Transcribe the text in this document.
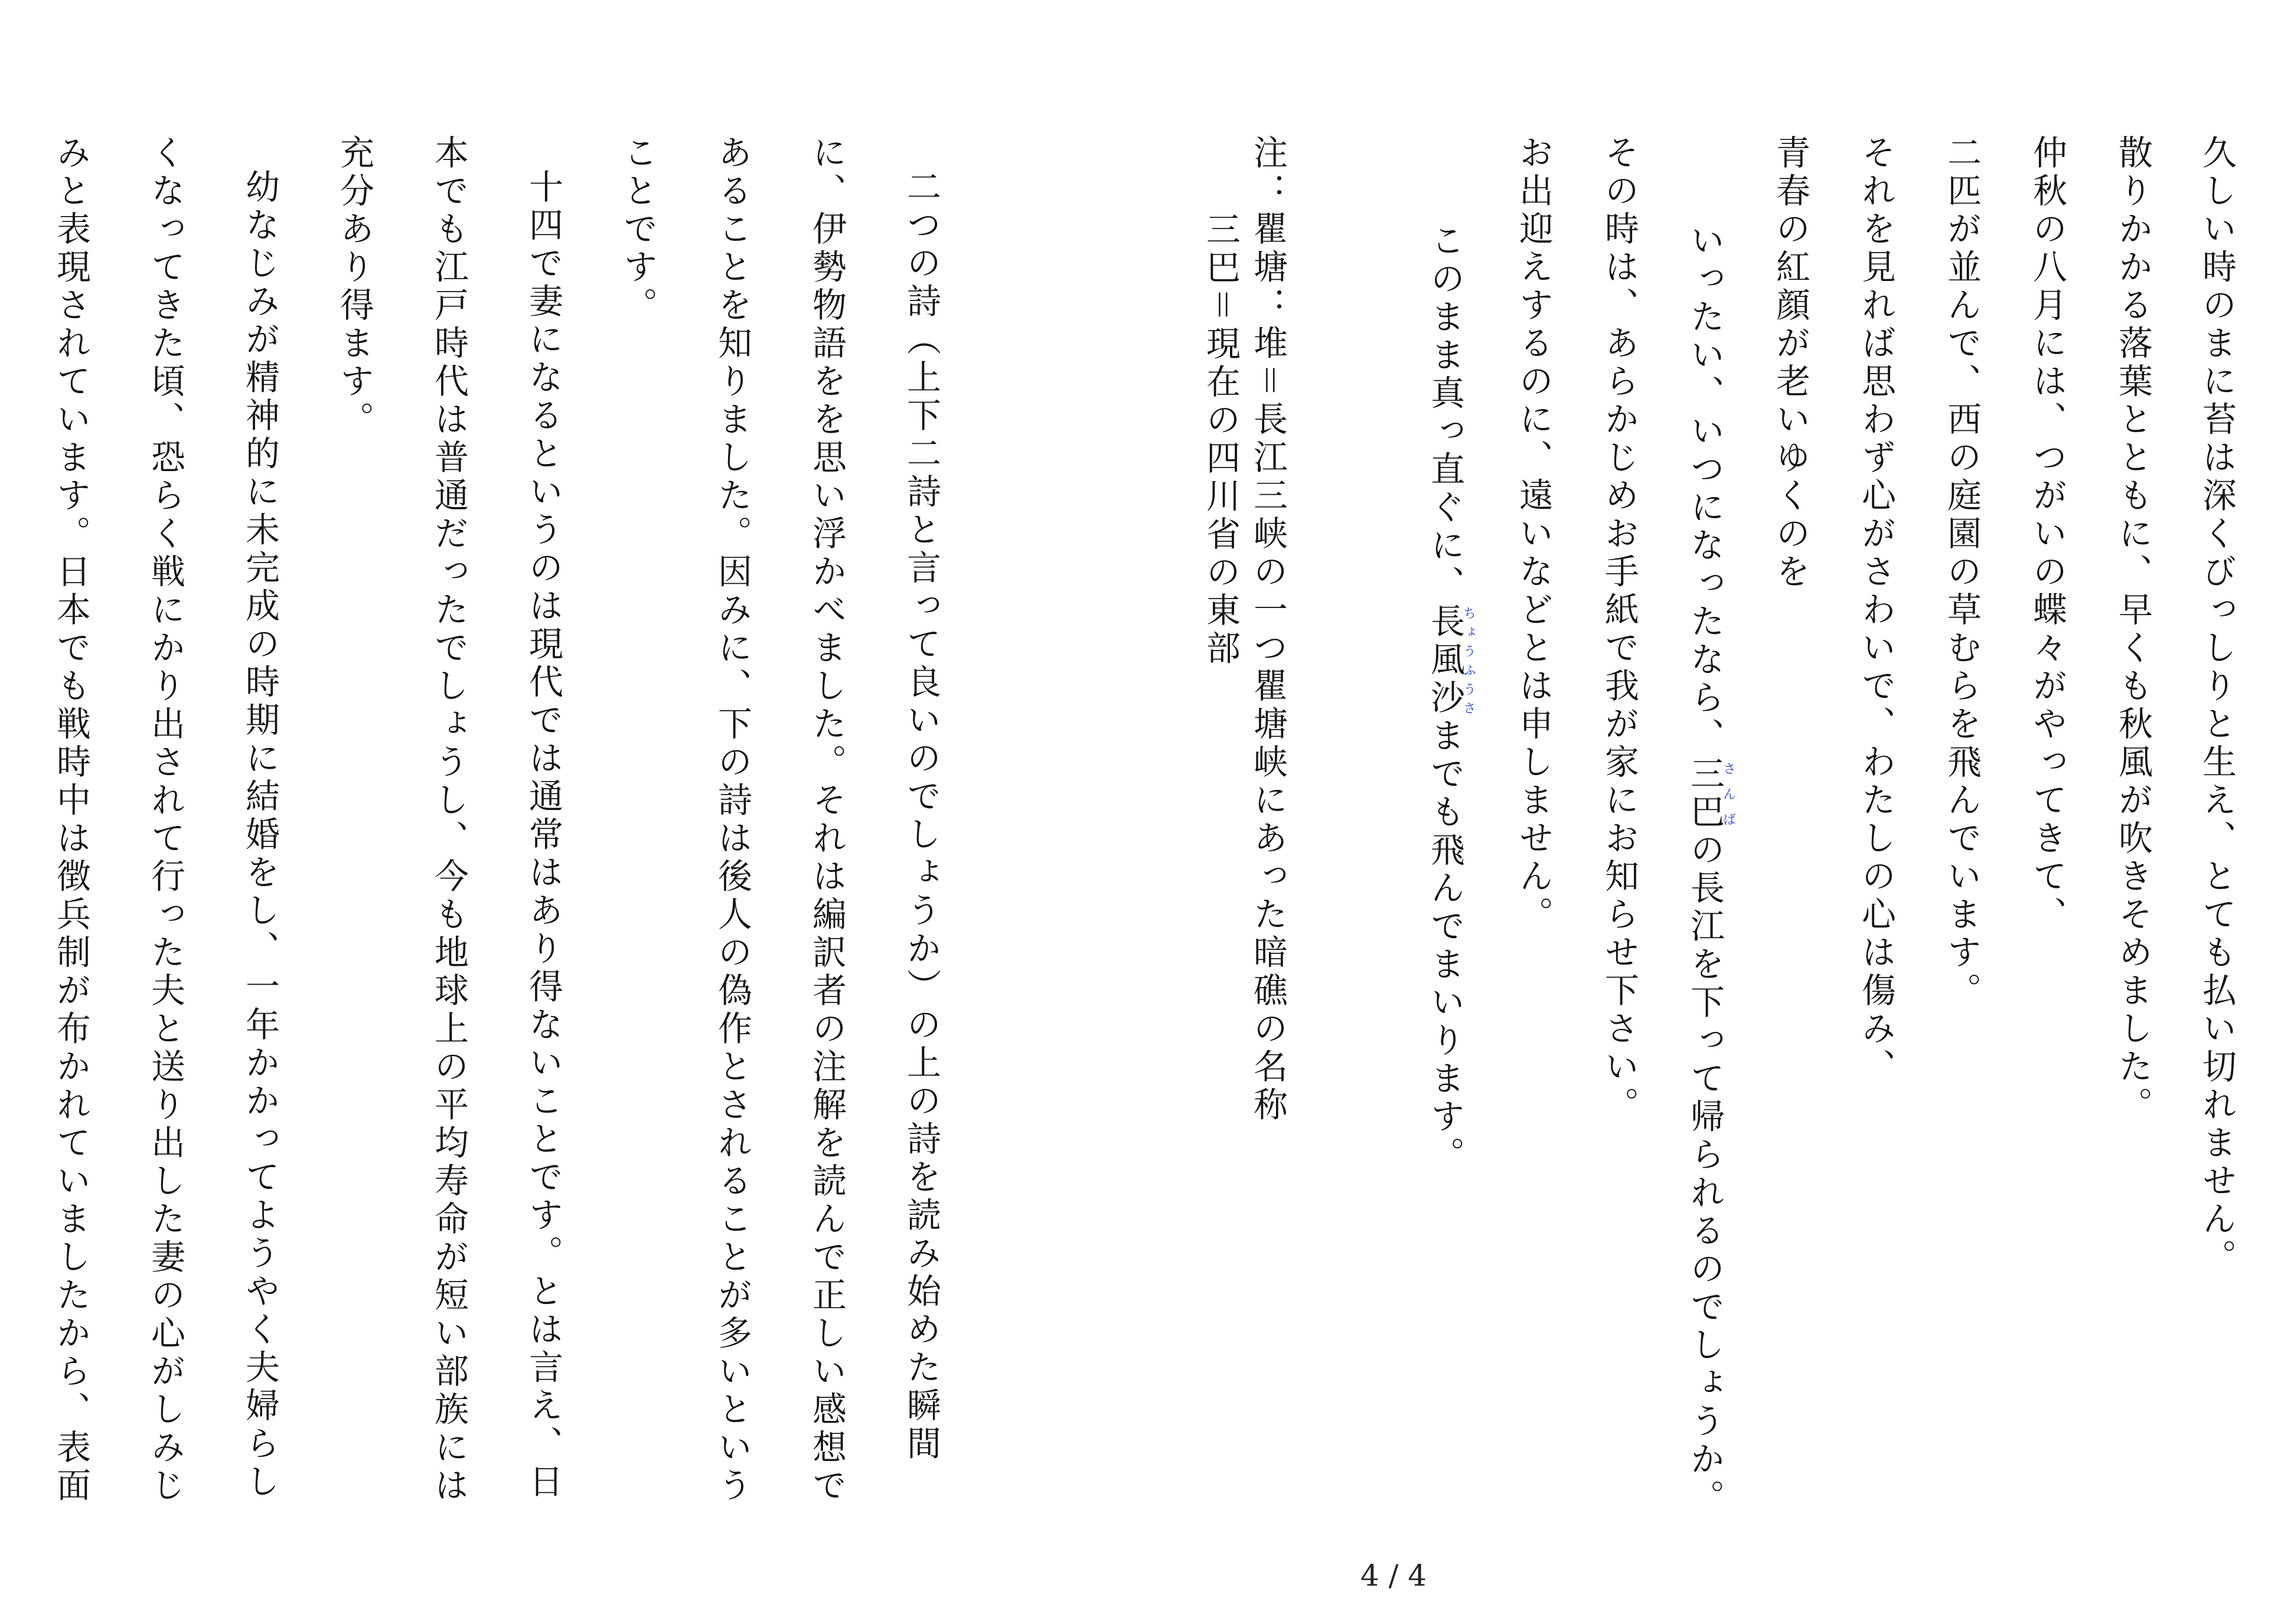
久しい時のまに苔は深くびっしりと生え、とても払い切れません。
散りかかる落葉とともに、早くも秋風が吹きそめました。
仲秋の八月には、つがいの蝶々がやってきて、
二匹が並んで、西の庭園の草むらを飛んでいます。
それを見れば思わず心がさわいで、わたしの心は傷み、
青春の紅顔が老いゆくのを

いったい、いつになったなら、三巴さんばの長江を下って帰られるのでしょうか。

その時は、あらかじめお手紙で我が家にお知らせ下さい。
お出迎えするのに、遠いなどとは申しません。

このまま真っ直ぐに、長風沙ちょうふうさまでも飛んでまいります。

注：瞿塘：堆＝長江三峡の一つ瞿塘峡にあった暗礁の名称
三巴＝現在の四川省の東部
二つの詩（上下二詩と言って良いのでしょうか）の上の詩を読み始めた瞬間に、伊勢物語をを思い浮かべました。それは編訳者の注解を読んで正しい感想であることを知りました。因みに、下の詩は後人の偽作とされることが多いということです。
十四で妻になるというのは現代では通常はあり得ないことです。とは言え、日本でも江戸時代は普通だったでしょうし、今も地球上の平均寿命が短い部族には充分あり得ます。
幼なじみが精神的に未完成の時期に結婚をし、一年かかってようやく夫婦らしくなってきた頃、恐らく戦にかり出されて行った夫と送り出した妻の心がしみじみと表現されています。日本でも戦時中は徴兵制が布かれていましたから、表面
4 / 4
